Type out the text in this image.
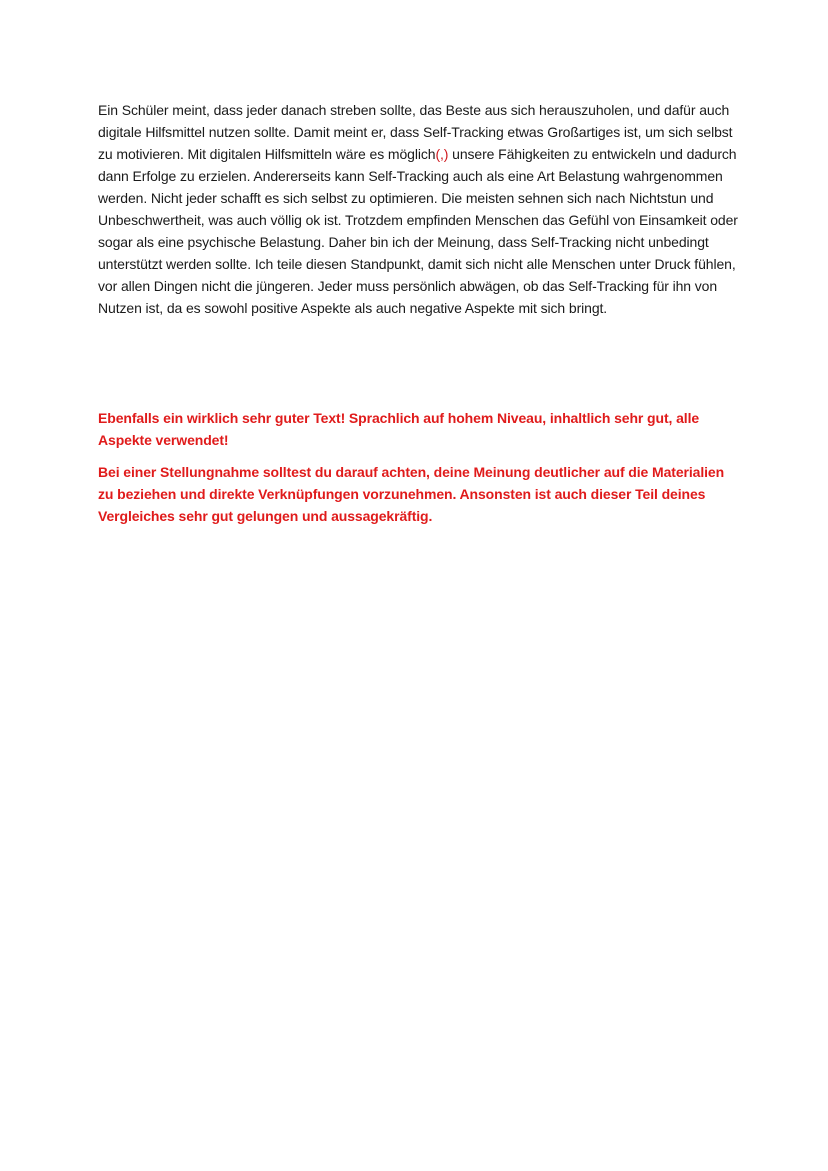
Ein Schüler meint, dass jeder danach streben sollte, das Beste aus sich herauszuholen, und dafür auch digitale Hilfsmittel nutzen sollte. Damit meint er, dass Self-Tracking etwas Großartiges ist, um sich selbst zu motivieren. Mit digitalen Hilfsmitteln wäre es möglich(,) unsere Fähigkeiten zu entwickeln und dadurch dann Erfolge zu erzielen. Andererseits kann Self-Tracking auch als eine Art Belastung wahrgenommen werden. Nicht jeder schafft es sich selbst zu optimieren. Die meisten sehnen sich nach Nichtstun und Unbeschwertheit, was auch völlig ok ist. Trotzdem empfinden Menschen das Gefühl von Einsamkeit oder sogar als eine psychische Belastung. Daher bin ich der Meinung, dass Self-Tracking nicht unbedingt unterstützt werden sollte. Ich teile diesen Standpunkt, damit sich nicht alle Menschen unter Druck fühlen, vor allen Dingen nicht die jüngeren. Jeder muss persönlich abwägen, ob das Self-Tracking für ihn von Nutzen ist, da es sowohl positive Aspekte als auch negative Aspekte mit sich bringt.

Ebenfalls ein wirklich sehr guter Text! Sprachlich auf hohem Niveau, inhaltlich sehr gut, alle Aspekte verwendet!

Bei einer Stellungnahme solltest du darauf achten, deine Meinung deutlicher auf die Materialien zu beziehen und direkte Verknüpfungen vorzunehmen. Ansonsten ist auch dieser Teil deines Vergleiches sehr gut gelungen und aussagekräftig.
